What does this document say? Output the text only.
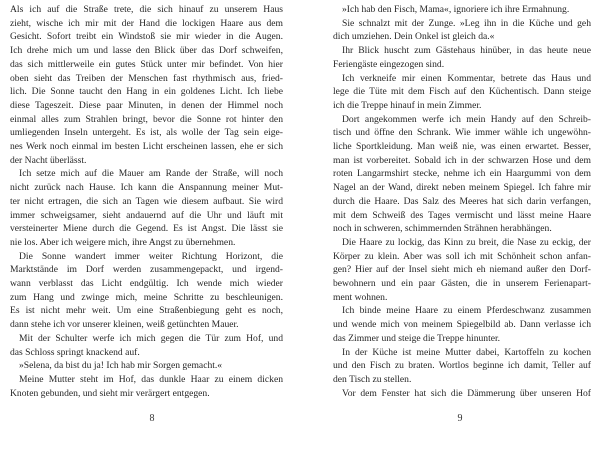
Als ich auf die Straße trete, die sich hinauf zu unserem Haus
zieht, wische ich mir mit der Hand die lockigen Haare aus dem
Gesicht. Sofort treibt ein Windstoß sie mir wieder in die Augen.
Ich drehe mich um und lasse den Blick über das Dorf schweifen,
das sich mittlerweile ein gutes Stück unter mir befindet. Von hier
oben sieht das Treiben der Menschen fast rhythmisch aus, fried-
lich. Die Sonne taucht den Hang in ein goldenes Licht. Ich liebe
diese Tageszeit. Diese paar Minuten, in denen der Himmel noch
einmal alles zum Strahlen bringt, bevor die Sonne rot hinter den
umliegenden Inseln untergeht. Es ist, als wolle der Tag sein eige-
nes Werk noch einmal im besten Licht erscheinen lassen, ehe er sich
der Nacht überlässt.
Ich setze mich auf die Mauer am Rande der Straße, will noch
nicht zurück nach Hause. Ich kann die Anspannung meiner Mut-
ter nicht ertragen, die sich an Tagen wie diesem aufbaut. Sie wird
immer schweigsamer, sieht andauernd auf die Uhr und läuft mit
versteinerter Miene durch die Gegend. Es ist Angst. Die lässt sie
nie los. Aber ich weigere mich, ihre Angst zu übernehmen.
Die Sonne wandert immer weiter Richtung Horizont, die
Marktstände im Dorf werden zusammengepackt, und irgend-
wann verblasst das Licht endgültig. Ich wende mich wieder
zum Hang und zwinge mich, meine Schritte zu beschleunigen.
Es ist nicht mehr weit. Um eine Straßenbiegung geht es noch,
dann stehe ich vor unserer kleinen, weiß getünchten Mauer.
Mit der Schulter werfe ich mich gegen die Tür zum Hof, und
das Schloss springt knackend auf.
»Selena, da bist du ja! Ich hab mir Sorgen gemacht.«
Meine Mutter steht im Hof, das dunkle Haar zu einem dicken
Knoten gebunden, und sieht mir verärgert entgegen.
»Ich hab den Fisch, Mama«, ignoriere ich ihre Ermahnung.
Sie schnalzt mit der Zunge. »Leg ihn in die Küche und geh
dich umziehen. Dein Onkel ist gleich da.«
Ihr Blick huscht zum Gästehaus hinüber, in das heute neue
Feriengäste eingezogen sind.
Ich verkneife mir einen Kommentar, betrete das Haus und
lege die Tüte mit dem Fisch auf den Küchentisch. Dann steige
ich die Treppe hinauf in mein Zimmer.
Dort angekommen werfe ich mein Handy auf den Schreib-
tisch und öffne den Schrank. Wie immer wähle ich ungewöhn-
liche Sportkleidung. Man weiß nie, was einen erwartet. Besser,
man ist vorbereitet. Sobald ich in der schwarzen Hose und dem
roten Langarmshirt stecke, nehme ich ein Haargummi von dem
Nagel an der Wand, direkt neben meinem Spiegel. Ich fahre mir
durch die Haare. Das Salz des Meeres hat sich darin verfangen,
mit dem Schweiß des Tages vermischt und lässt meine Haare
noch in schweren, schimmernden Strähnen herabhängen.
Die Haare zu lockig, das Kinn zu breit, die Nase zu eckig, der
Körper zu klein. Aber was soll ich mit Schönheit schon anfan-
gen? Hier auf der Insel sieht mich eh niemand außer den Dorf-
bewohnern und ein paar Gästen, die in unserem Ferienapart-
ment wohnen.
Ich binde meine Haare zu einem Pferdeschwanz zusammen
und wende mich von meinem Spiegelbild ab. Dann verlasse ich
das Zimmer und steige die Treppe hinunter.
In der Küche ist meine Mutter dabei, Kartoffeln zu kochen
und den Fisch zu braten. Wortlos beginne ich damit, Teller auf
den Tisch zu stellen.
Vor dem Fenster hat sich die Dämmerung über unseren Hof
8	9
